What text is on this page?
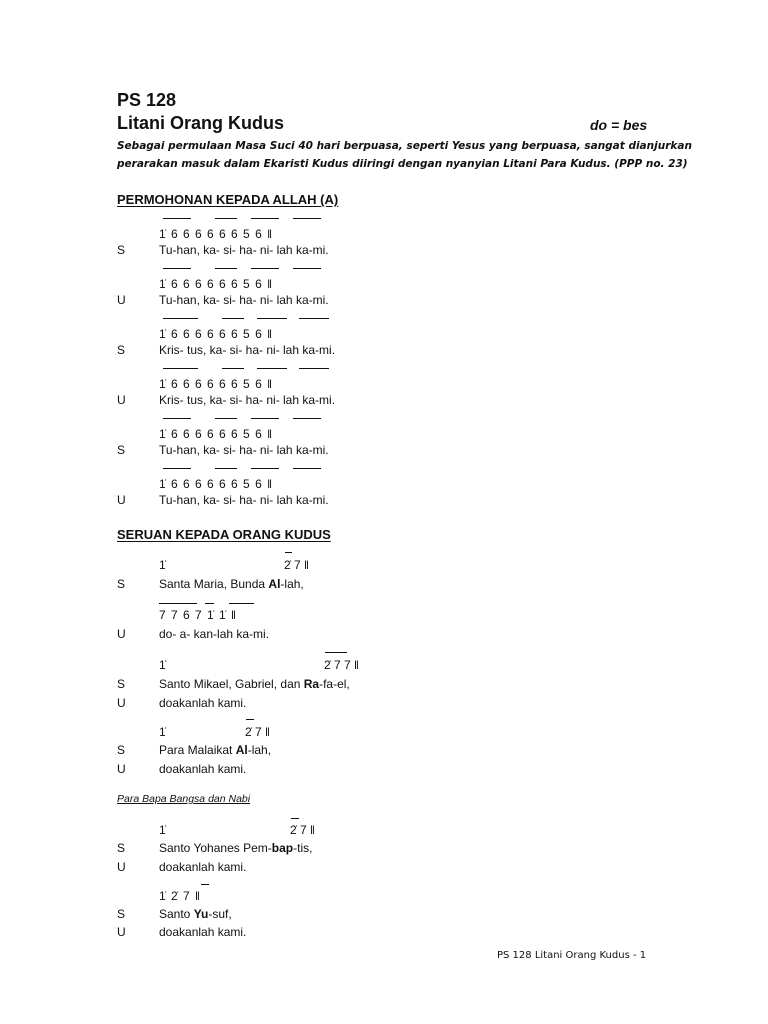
PS 128
Litani Orang Kudus	do = bes
Sebagai permulaan Masa Suci 40 hari berpuasa, seperti Yesus yang berpuasa, sangat dianjurkan
perarakan masuk dalam Ekaristi Kudus diiringi dengan nyanyian Litani Para Kudus. (PPP no. 23)
PERMOHONAN KEPADA ALLAH (A)
1̇ 6 6 6 6 6 6 5 6 ‖
S	Tu-han, ka- si- ha- ni- lah ka-mi.
1̇ 6 6 6 6 6 6 5 6 ‖
U	Tu-han, ka- si- ha- ni- lah ka-mi.
1̇ 6 6 6 6 6 6 5 6 ‖
S	Kris- tus, ka- si- ha- ni- lah ka-mi.
1̇ 6 6 6 6 6 6 5 6 ‖
U	Kris- tus, ka- si- ha- ni- lah ka-mi.
1̇ 6 6 6 6 6 6 5 6 ‖
S	Tu-han, ka- si- ha- ni- lah ka-mi.
1̇ 6 6 6 6 6 6 5 6 ‖
U	Tu-han, ka- si- ha- ni- lah ka-mi.
SERUAN KEPADA ORANG KUDUS
1̇	2̇ 7 ‖
S	Santa Maria, Bunda Al-lah,
7 7 6 7 1̇ 1̇ ‖
U	do- a- kan-lah ka-mi.
1̇	2̇ 7 7 ‖
S	Santo Mikael, Gabriel, dan Ra-fa-el,
U	doakanlah kami.
1̇	2̇ 7 ‖
S	Para Malaikat Al-lah,
U	doakanlah kami.
Para Bapa Bangsa dan Nabi
1̇	2̇ 7 ‖
S	Santo Yohanes Pem-bap-tis,
U	doakanlah kami.
1̇ 2̇ 7 ‖
S	Santo Yu-suf,
U	doakanlah kami.
PS 128 Litani Orang Kudus - 1
